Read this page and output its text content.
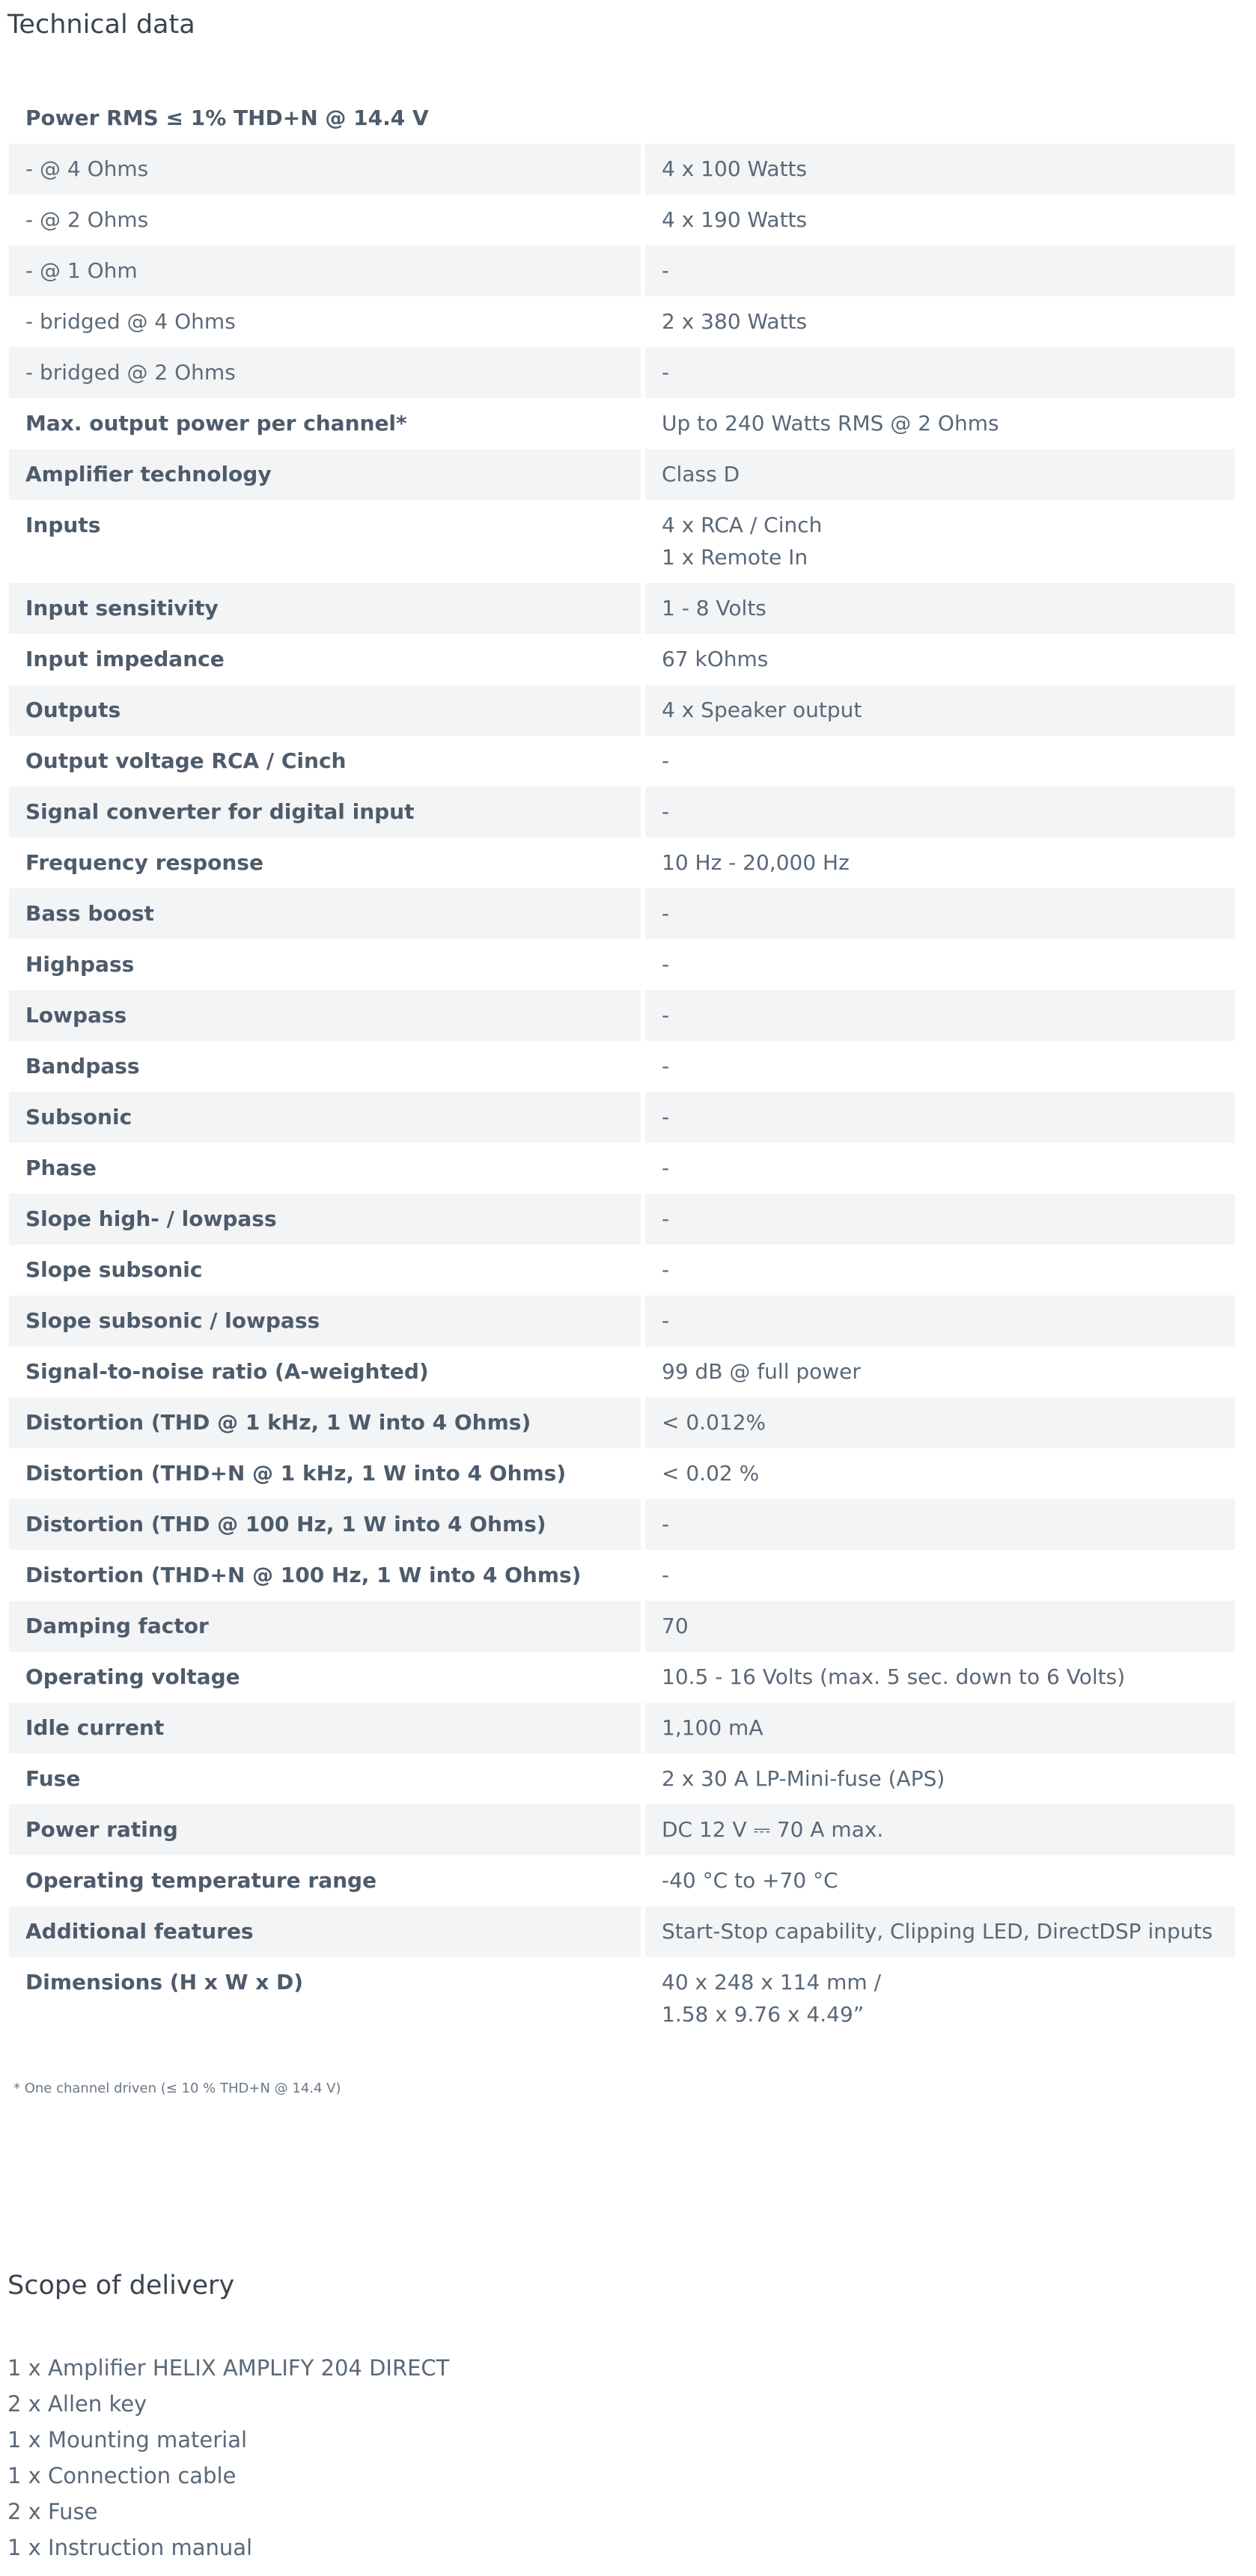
Technical data
Power RMS ≤ 1% THD+N @ 14.4 V	

- @ 4 Ohms	4 x 100 Watts

- @ 2 Ohms	4 x 190 Watts

- @ 1 Ohm	-

- bridged @ 4 Ohms	2 x 380 Watts

- bridged @ 2 Ohms	-

Max. output power per channel*	Up to 240 Watts RMS @ 2 Ohms

Amplifier technology	Class D

Inputs	4 x RCA / Cinch
1 x Remote In

Input sensitivity	1 - 8 Volts

Input impedance	67 kOhms

Outputs	4 x Speaker output

Output voltage RCA / Cinch	-

Signal converter for digital input	-

Frequency response	10 Hz - 20,000 Hz

Bass boost	-

Highpass	-

Lowpass	-

Bandpass	-

Subsonic	-

Phase	-

Slope high- / lowpass	-

Slope subsonic	-

Slope subsonic / lowpass	-

Signal-to-noise ratio (A-weighted)	99 dB @ full power

Distortion (THD @ 1 kHz, 1 W into 4 Ohms)	< 0.012%

Distortion (THD+N @ 1 kHz, 1 W into 4 Ohms)	< 0.02 %

Distortion (THD @ 100 Hz, 1 W into 4 Ohms)	-

Distortion (THD+N @ 100 Hz, 1 W into 4 Ohms)	-

Damping factor	70

Operating voltage	10.5 - 16 Volts (max. 5 sec. down to 6 Volts)

Idle current	1,100 mA

Fuse	2 x 30 A LP-Mini-fuse (APS)

Power rating	DC 12 V ⎓ 70 A max.

Operating temperature range	-40 °C to +70 °C

Additional features	Start-Stop capability, Clipping LED, DirectDSP inputs

Dimensions (H x W x D)	40 x 248 x 114 mm /
1.58 x 9.76 x 4.49”

* One channel driven (≤ 10 % THD+N @ 14.4 V)

Scope of delivery
1 x Amplifier HELIX AMPLIFY 204 DIRECT
2 x Allen key
1 x Mounting material
1 x Connection cable
2 x Fuse
1 x Instruction manual
